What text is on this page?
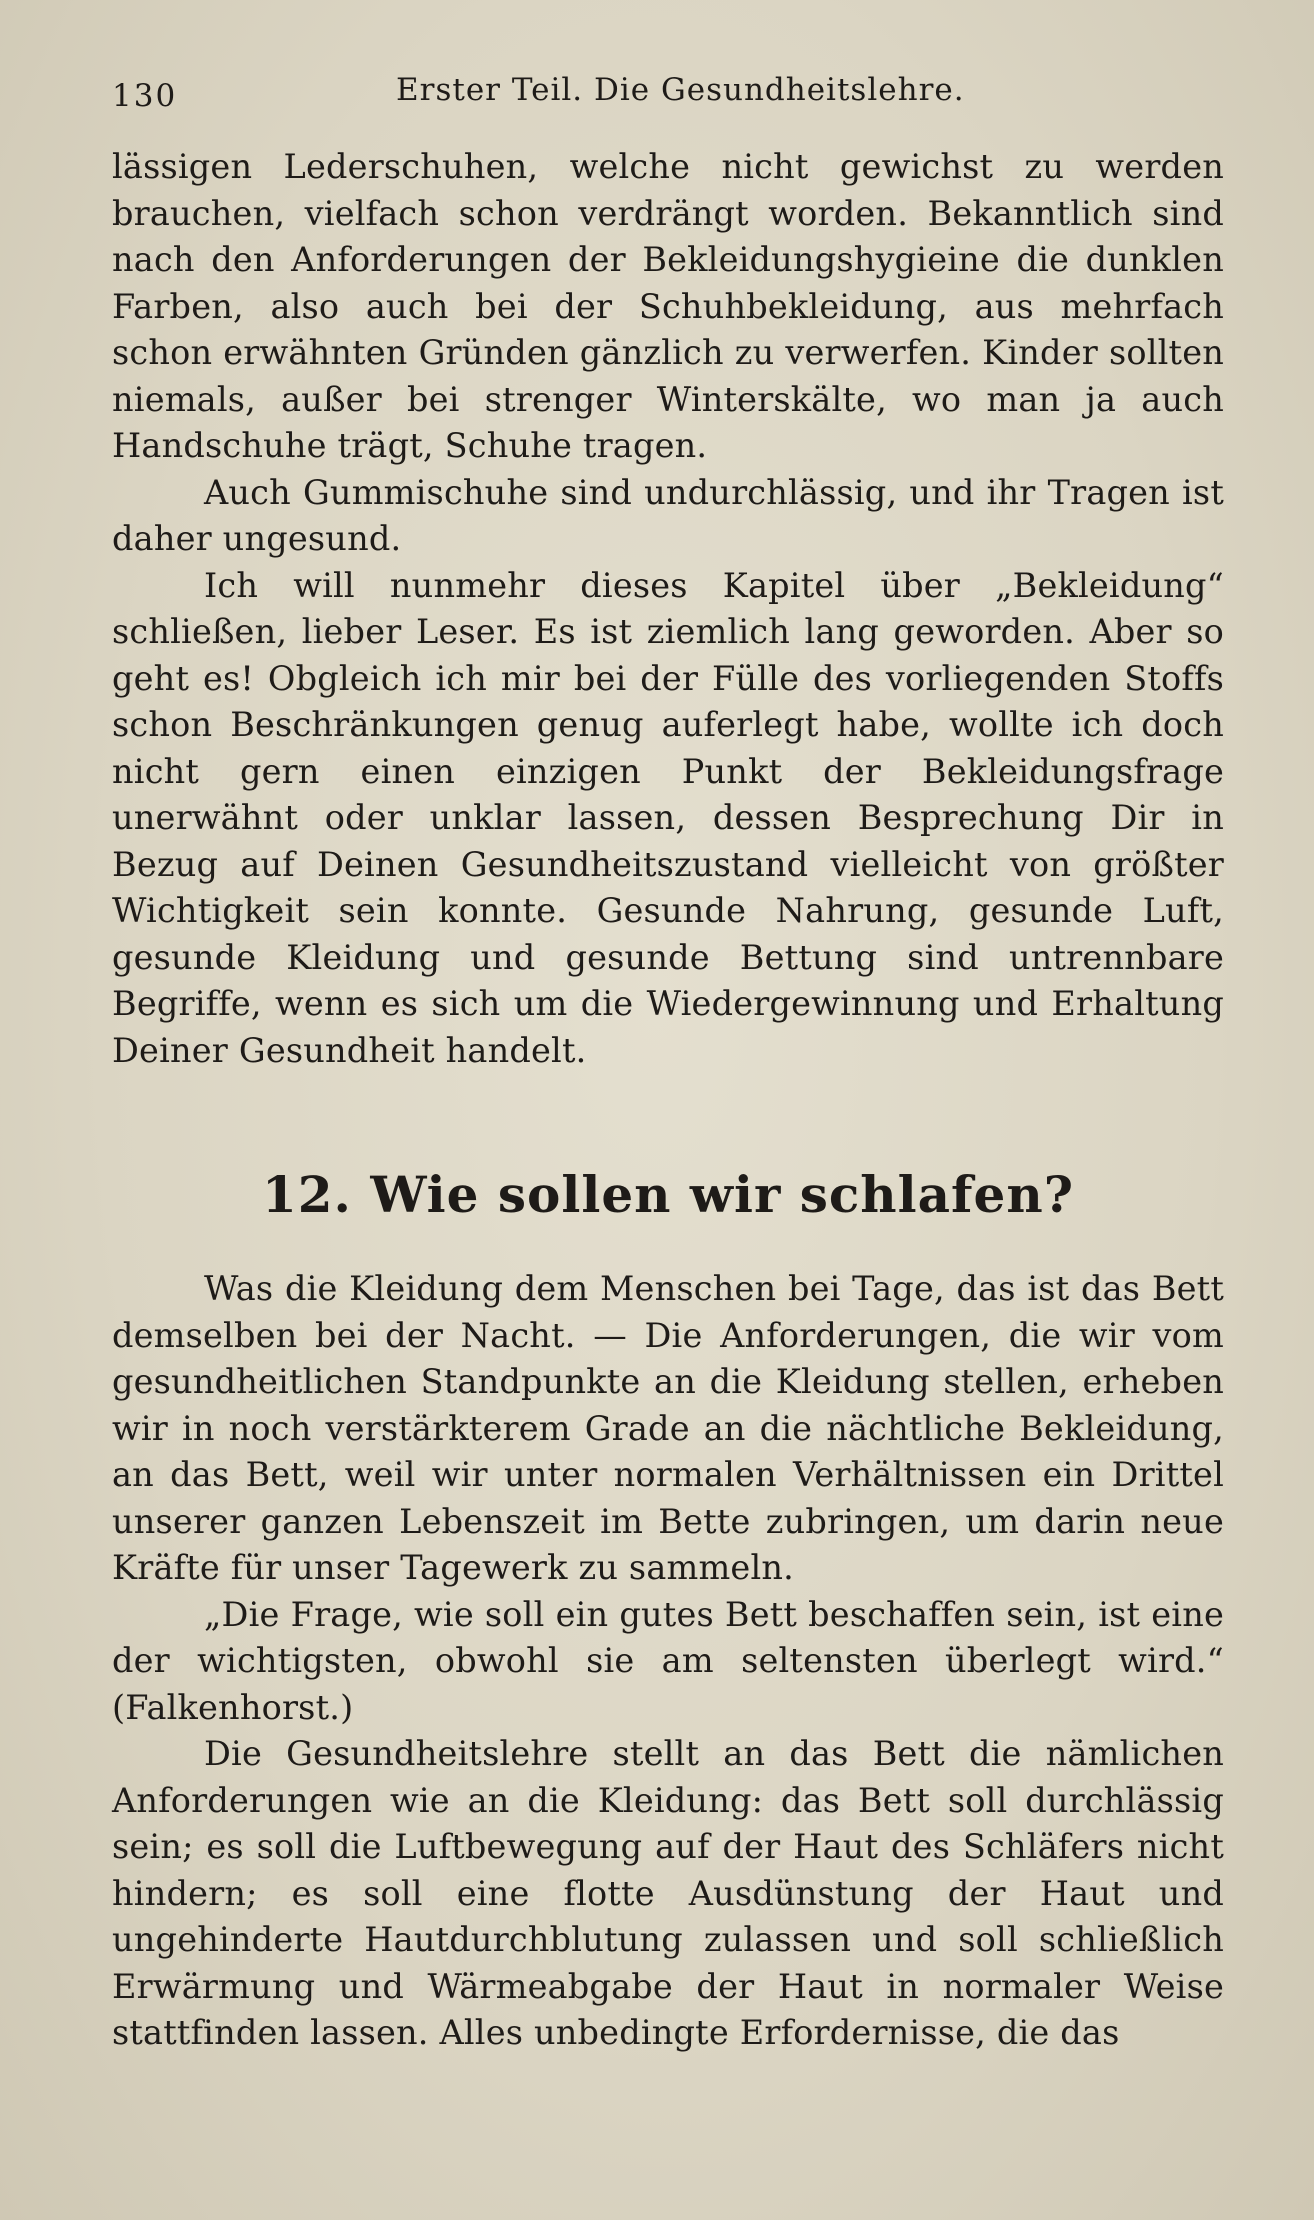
130	Erster Teil. Die Gesundheitslehre.

lässigen Lederschuhen, welche nicht gewichst zu werden brauchen, vielfach schon verdrängt worden. Bekanntlich sind nach den Anforderungen der Bekleidungshygieine die dunklen Farben, also auch bei der Schuhbekleidung, aus mehrfach schon erwähnten Gründen gänzlich zu verwerfen. Kinder sollten niemals, außer bei strenger Winterskälte, wo man ja auch Handschuhe trägt, Schuhe tragen.

Auch Gummischuhe sind undurchlässig, und ihr Tragen ist daher ungesund.

Ich will nunmehr dieses Kapitel über „Bekleidung“ schließen, lieber Leser. Es ist ziemlich lang geworden. Aber so geht es! Obgleich ich mir bei der Fülle des vorliegenden Stoffs schon Beschränkungen genug auferlegt habe, wollte ich doch nicht gern einen einzigen Punkt der Bekleidungsfrage unerwähnt oder unklar lassen, dessen Besprechung Dir in Bezug auf Deinen Gesundheitszustand vielleicht von größter Wichtigkeit sein konnte. Gesunde Nahrung, gesunde Luft, gesunde Kleidung und gesunde Bettung sind untrennbare Begriffe, wenn es sich um die Wiedergewinnung und Erhaltung Deiner Gesundheit handelt.

12. Wie sollen wir schlafen?

Was die Kleidung dem Menschen bei Tage, das ist das Bett demselben bei der Nacht. — Die Anforderungen, die wir vom gesundheitlichen Standpunkte an die Kleidung stellen, erheben wir in noch verstärkterem Grade an die nächtliche Bekleidung, an das Bett, weil wir unter normalen Verhältnissen ein Drittel unserer ganzen Lebenszeit im Bette zubringen, um darin neue Kräfte für unser Tagewerk zu sammeln.

„Die Frage, wie soll ein gutes Bett beschaffen sein, ist eine der wichtigsten, obwohl sie am seltensten überlegt wird.“ (Falkenhorst.)

Die Gesundheitslehre stellt an das Bett die nämlichen Anforderungen wie an die Kleidung: das Bett soll durchlässig sein; es soll die Luftbewegung auf der Haut des Schläfers nicht hindern; es soll eine flotte Ausdünstung der Haut und ungehinderte Hautdurchblutung zulassen und soll schließlich Erwärmung und Wärmeabgabe der Haut in normaler Weise stattfinden lassen. Alles unbedingte Erfordernisse, die das
